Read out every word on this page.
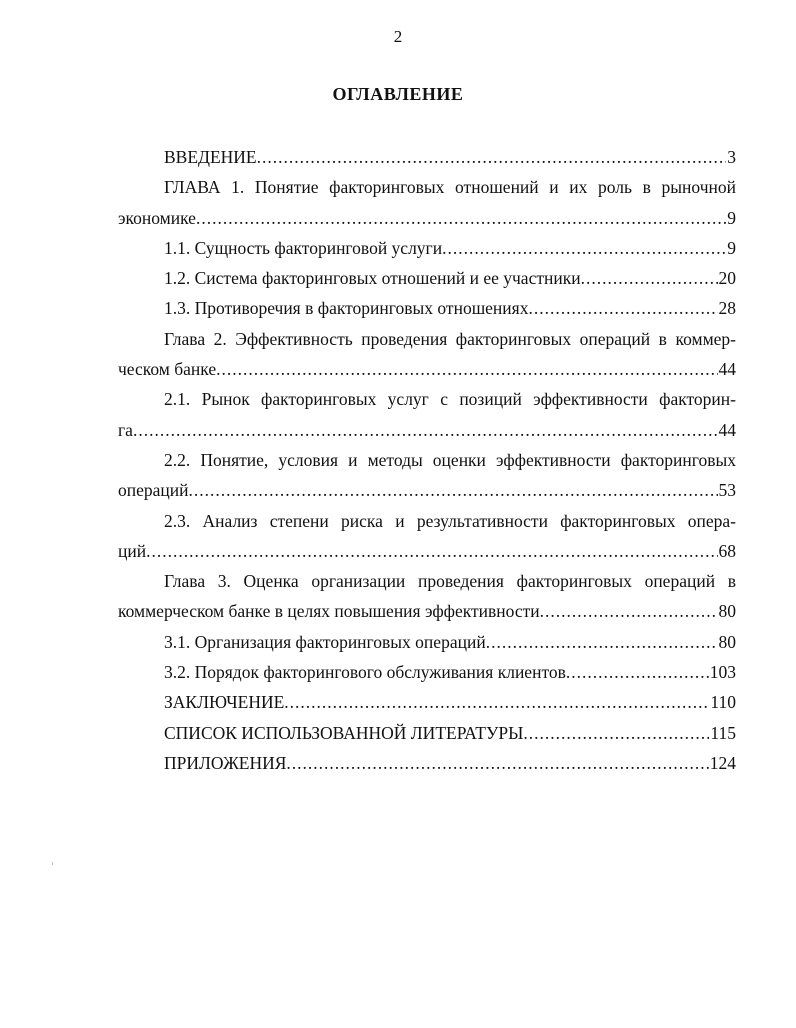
2
ОГЛАВЛЕНИЕ
ВВЕДЕНИЕ .....	3
ГЛАВА 1. Понятие факторинговых отношений и их роль в рыночной
экономике .....	9
1.1. Сущность факторинговой услуги .....	9
1.2. Система факторинговых отношений и ее участники .....	20
1.3. Противоречия в факторинговых отношениях .....	28
Глава 2. Эффективность проведения факторинговых операций в коммер-
ческом банке .....	44
2.1. Рынок факторинговых услуг с позиций эффективности факторин-
га .....	44
2.2. Понятие, условия и методы оценки эффективности факторинговых
операций .....	53
2.3. Анализ степени риска и результативности факторинговых опера-
ций .....	68
Глава 3. Оценка организации проведения факторинговых операций в
коммерческом банке в целях повышения эффективности .....	80
3.1. Организация факторинговых операций .....	80
3.2. Порядок факторингового обслуживания клиентов .....	103
ЗАКЛЮЧЕНИЕ .....	110
СПИСОК ИСПОЛЬЗОВАННОЙ ЛИТЕРАТУРЫ .....	115
ПРИЛОЖЕНИЯ .....	124
